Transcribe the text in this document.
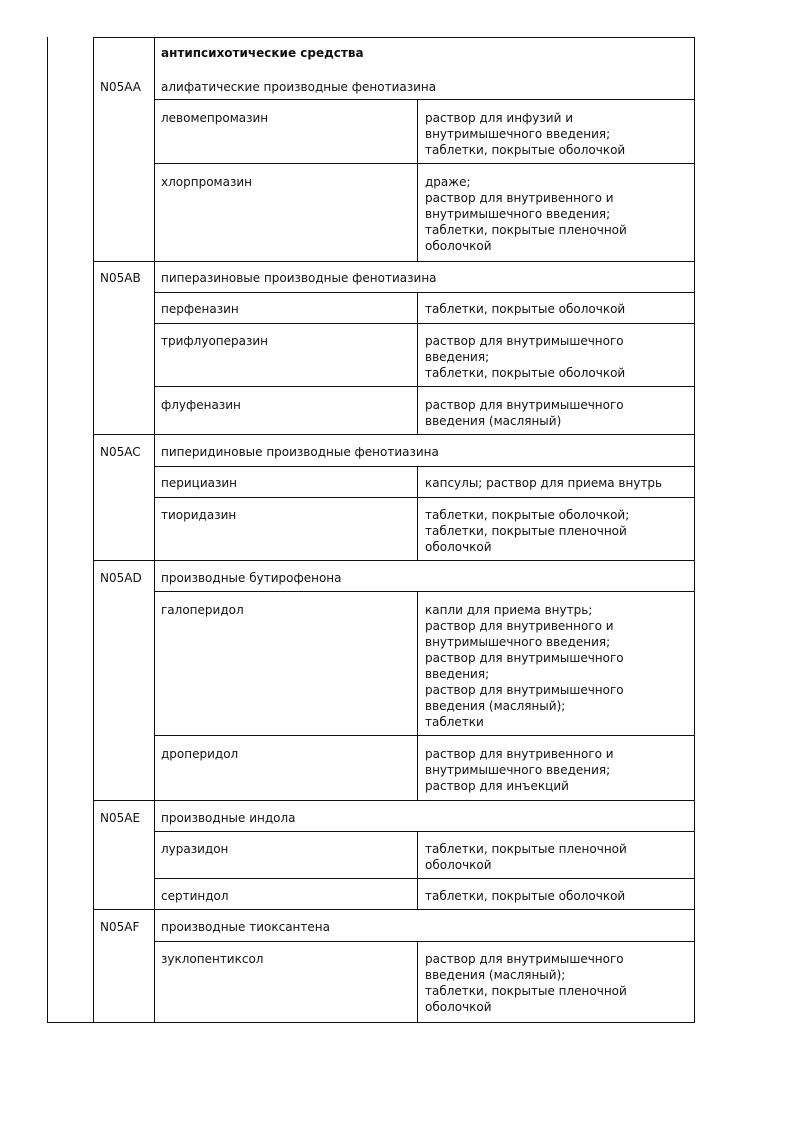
антипсихотические средства
N05AA	алифатические производные фенотиазина
левомепромазин	раствор для инфузий и
внутримышечного введения;
таблетки, покрытые оболочкой
хлорпромазин	драже;
раствор для внутривенного и
внутримышечного введения;
таблетки, покрытые пленочной
оболочкой
N05AB	пиперазиновые производные фенотиазина
перфеназин	таблетки, покрытые оболочкой
трифлуоперазин	раствор для внутримышечного
введения;
таблетки, покрытые оболочкой
флуфеназин	раствор для внутримышечного
введения (масляный)
N05AC	пиперидиновые производные фенотиазина
перициазин	капсулы; раствор для приема внутрь
тиоридазин	таблетки, покрытые оболочкой;
таблетки, покрытые пленочной
оболочкой
N05AD	производные бутирофенона
галоперидол	капли для приема внутрь;
раствор для внутривенного и
внутримышечного введения;
раствор для внутримышечного
введения;
раствор для внутримышечного
введения (масляный);
таблетки
дроперидол	раствор для внутривенного и
внутримышечного введения;
раствор для инъекций
N05AE	производные индола
луразидон	таблетки, покрытые пленочной
оболочкой
сертиндол	таблетки, покрытые оболочкой
N05AF	производные тиоксантена
зуклопентиксол	раствор для внутримышечного
введения (масляный);
таблетки, покрытые пленочной
оболочкой
